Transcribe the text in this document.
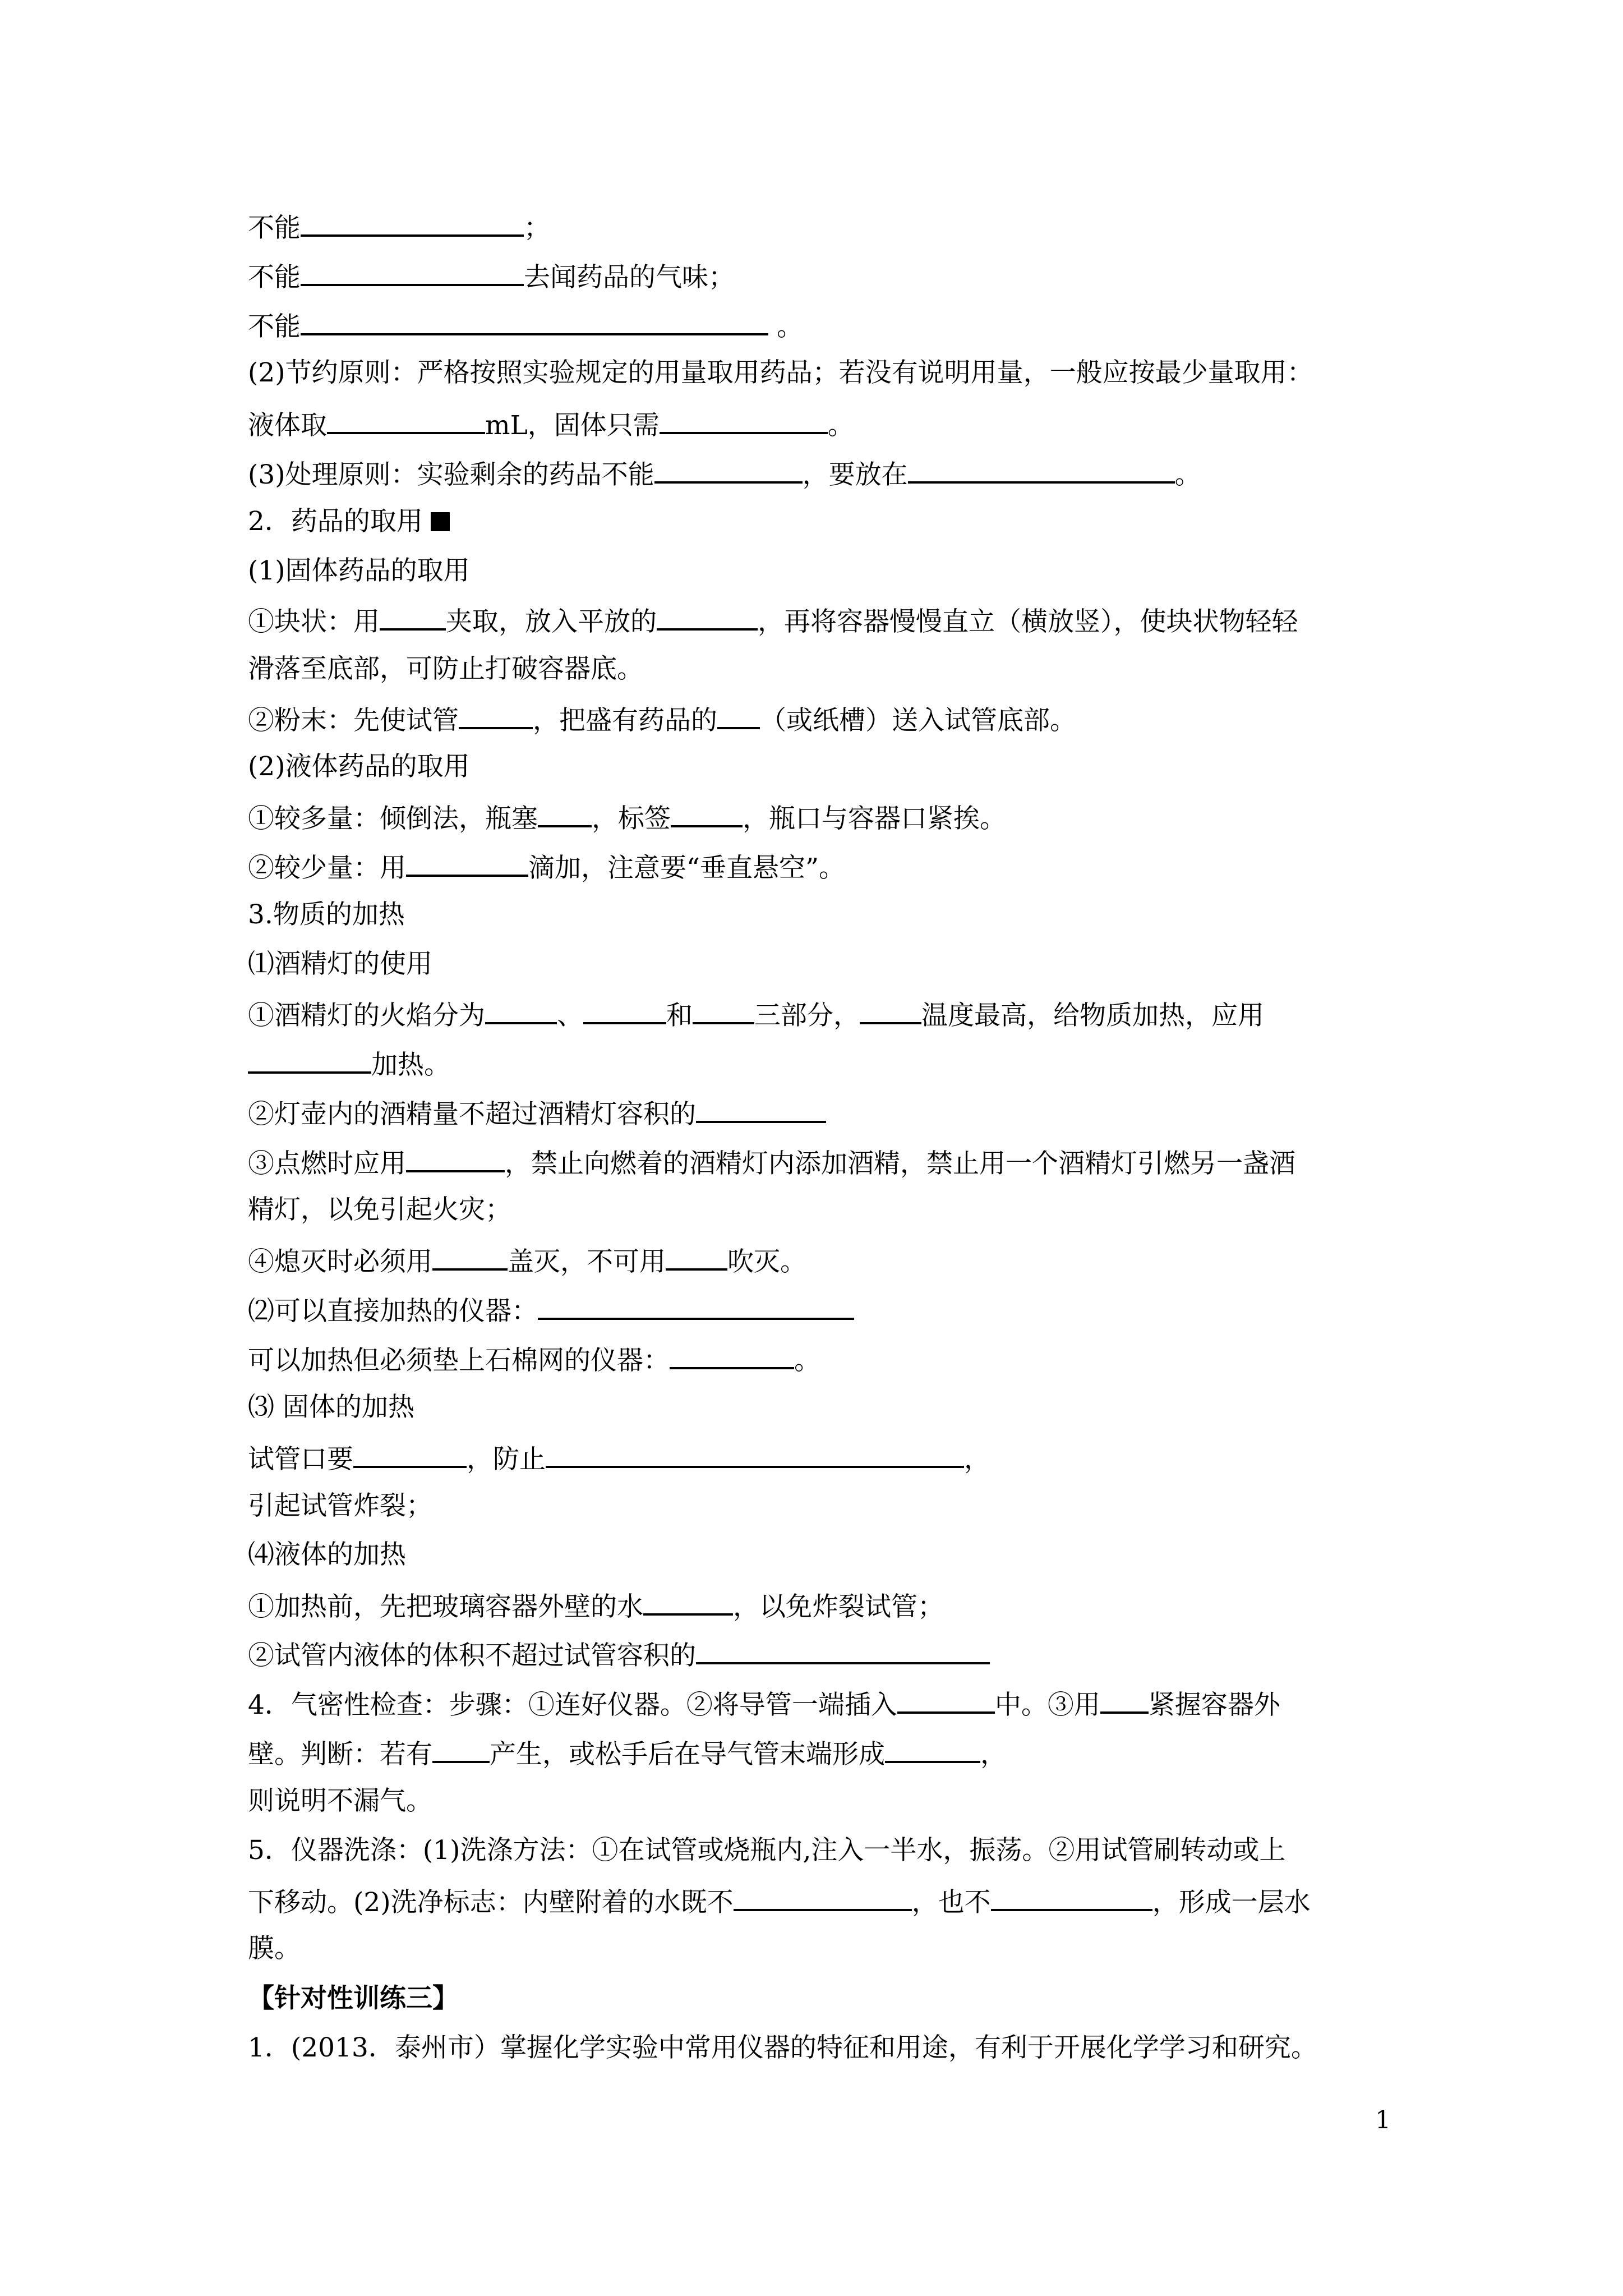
不能	；
不能	去闻药品的气味；
不能	。
(2)节约原则：严格按照实验规定的用量取用药品；若没有说明用量，一般应按最少量取用：
液体取	mL，固体只需	。
(3)处理原则：实验剩余的药品不能	，要放在	。
2．药品的取用
(1)固体药品的取用
①块状：用	夹取，放入平放的	，再将容器慢慢直立（横放竖），使块状物轻轻
滑落至底部，可防止打破容器底。
②粉末：先使试管	，把盛有药品的 （或纸槽）送入试管底部。
(2)液体药品的取用
①较多量：倾倒法，瓶塞 ，标签	，瓶口与容器口紧挨。
②较少量：用	滴加，注意要“垂直悬空”。
3.物质的加热
⑴酒精灯的使用
①酒精灯的火焰分为	、	和 三部分， 温度最高，给物质加热，应用
加热。
②灯壶内的酒精量不超过酒精灯容积的
③点燃时应用	，禁止向燃着的酒精灯内添加酒精，禁止用一个酒精灯引燃另一盏酒
精灯，以免引起火灾；
④熄灭时必须用	盖灭，不可用 吹灭。
⑵可以直接加热的仪器：
可以加热但必须垫上石棉网的仪器：	。
⑶ 固体的加热
试管口要	，防止	，
引起试管炸裂；
⑷液体的加热
①加热前，先把玻璃容器外壁的水	，以免炸裂试管；
②试管内液体的体积不超过试管容积的
4．气密性检查：步骤：①连好仪器。②将导管一端插入	中。③用 紧握容器外
壁。判断：若有 产生，或松手后在导气管末端形成	，
则说明不漏气。
5．仪器洗涤：(1)洗涤方法：①在试管或烧瓶内,注入一半水，振荡。②用试管刷转动或上
下移动。(2)洗净标志：内壁附着的水既不	，也不	，形成一层水
膜。
【针对性训练三】
1．(2013．泰州市）掌握化学实验中常用仪器的特征和用途，有利于开展化学学习和研究。
1
